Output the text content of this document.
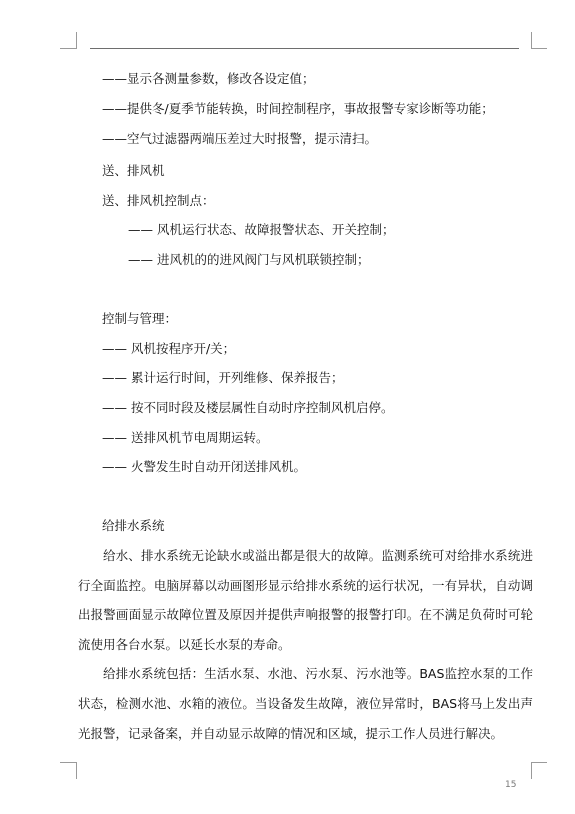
——显示各测量参数，修改各设定值；
——提供冬/夏季节能转换，时间控制程序，事故报警专家诊断等功能；
——空气过滤器两端压差过大时报警，提示清扫。
送、排风机
送、排风机控制点：
—— 风机运行状态、故障报警状态、开关控制；
—— 进风机的的进风阀门与风机联锁控制；
控制与管理：
—— 风机按程序开/关；
—— 累计运行时间，开列维修、保养报告；
—— 按不同时段及楼层属性自动时序控制风机启停。
—— 送排风机节电周期运转。
—— 火警发生时自动开闭送排风机。
给排水系统

给水、排水系统无论缺水或溢出都是很大的故障。监测系统可对给排水系统进行全面监控。电脑屏幕以动画图形显示给排水系统的运行状况，一有异状，自动调出报警画面显示故障位置及原因并提供声响报警的报警打印。在不满足负荷时可轮流使用各台水泵。以延长水泵的寿命。

给排水系统包括：生活水泵、水池、污水泵、污水池等。BAS监控水泵的工作状态，检测水池、水箱的液位。当设备发生故障，液位异常时，BAS将马上发出声光报警，记录备案，并自动显示故障的情况和区域，提示工作人员进行解决。

15
